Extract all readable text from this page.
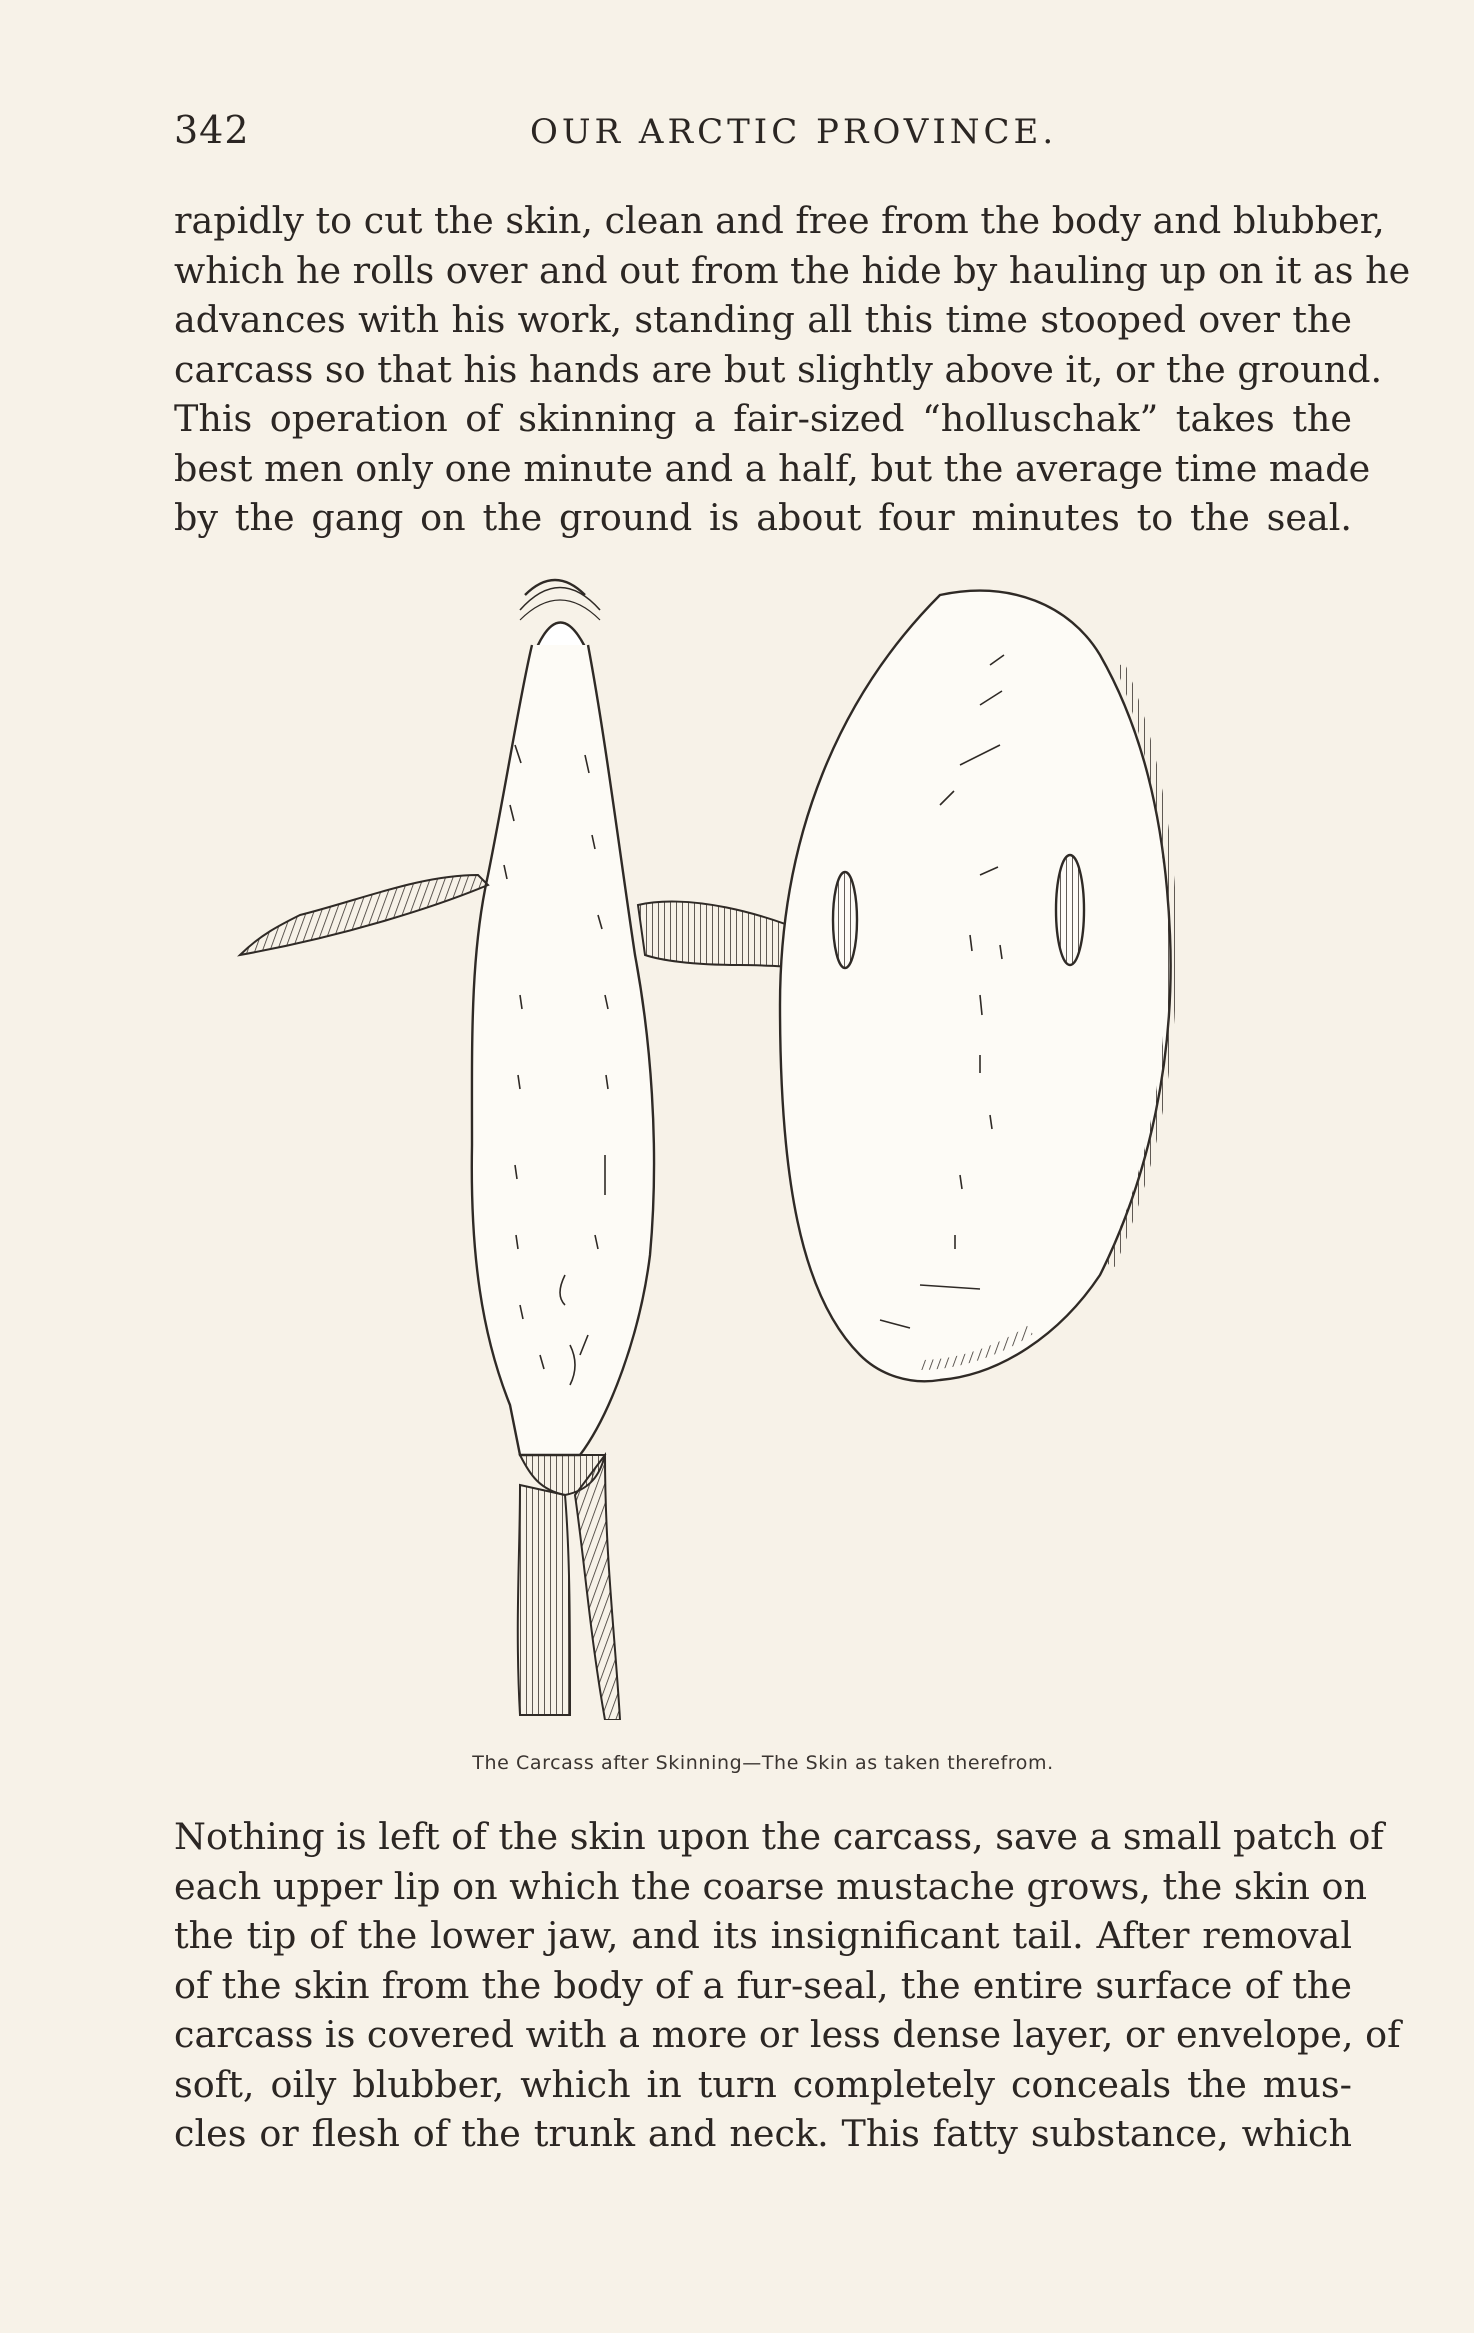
342	OUR ARCTIC PROVINCE.

rapidly to cut the skin, clean and free from the body and blubber,
which he rolls over and out from the hide by hauling up on it as he
advances with his work, standing all this time stooped over the
carcass so that his hands are but slightly above it, or the ground.
This operation of skinning a fair-sized “holluschak” takes the
best men only one minute and a half, but the average time made
by the gang on the ground is about four minutes to the seal.

The Carcass after Skinning—The Skin as taken therefrom.

Nothing is left of the skin upon the carcass, save a small patch of
each upper lip on which the coarse mustache grows, the skin on
the tip of the lower jaw, and its insignificant tail. After removal
of the skin from the body of a fur-seal, the entire surface of the
carcass is covered with a more or less dense layer, or envelope, of
soft, oily blubber, which in turn completely conceals the mus-
cles or flesh of the trunk and neck. This fatty substance, which
